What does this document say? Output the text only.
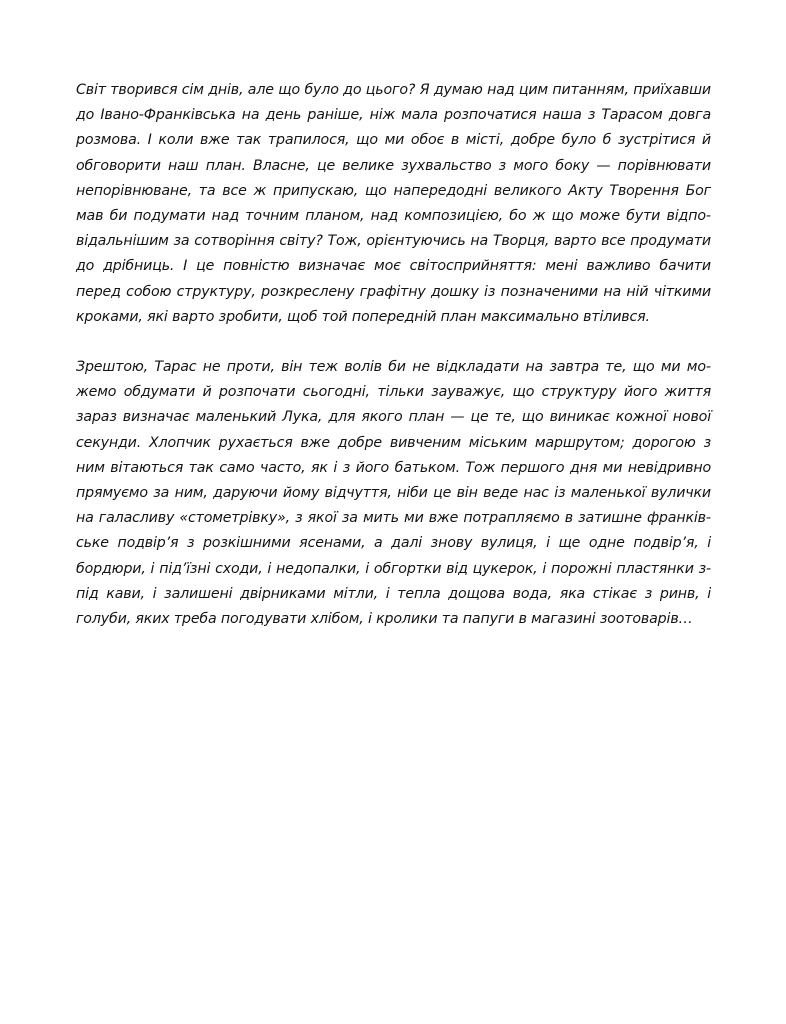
Світ творився сім днів, але що було до цього? Я думаю над цим питанням, приїхавши до Івано-Франківська на день раніше, ніж мала розпочатися наша з Тарасом довга розмова. І коли вже так трапилося, що ми обоє в місті, добре було б зустрітися й обговорити наш план. Власне, це велике зухвальство з мого боку — порівнювати непорівнюване, та все ж припускаю, що напередодні великого Акту Творення Бог мав би подумати над точним планом, над композицією, бо ж що може бути відповідальнішим за сотворіння світу? Тож, орієнтуючись на Творця, варто все продумати до дрібниць. І це повністю визначає моє світосприйняття: мені важливо бачити перед собою структуру, розкреслену графітну дошку із позначеними на ній чіткими кроками, які варто зробити, щоб той попередній план максимально втілився.

Зрештою, Тарас не проти, він теж волів би не відкладати на завтра те, що ми можемо обдумати й розпочати сьогодні, тільки зауважує, що структуру його життя зараз визначає маленький Лука, для якого план — це те, що виникає кожної нової секунди. Хлопчик рухається вже добре вивченим міським маршрутом; дорогою з ним вітаються так само часто, як і з його батьком. Тож першого дня ми невідривно прямуємо за ним, даруючи йому відчуття, ніби це він веде нас із маленької вулички на галасливу «стометрівку», з якої за мить ми вже потрапляємо в затишне франківське подвір’я з розкішними ясенами, а далі знову вулиця, і ще одне подвір’я, і бордюри, і під’їзні сходи, і недопалки, і обгортки від цукерок, і порожні пластянки з-під кави, і залишені двірниками мітли, і тепла дощова вода, яка стікає з ринв, і голуби, яких треба погодувати хлібом, і кролики та папуги в магазині зоотоварів…
